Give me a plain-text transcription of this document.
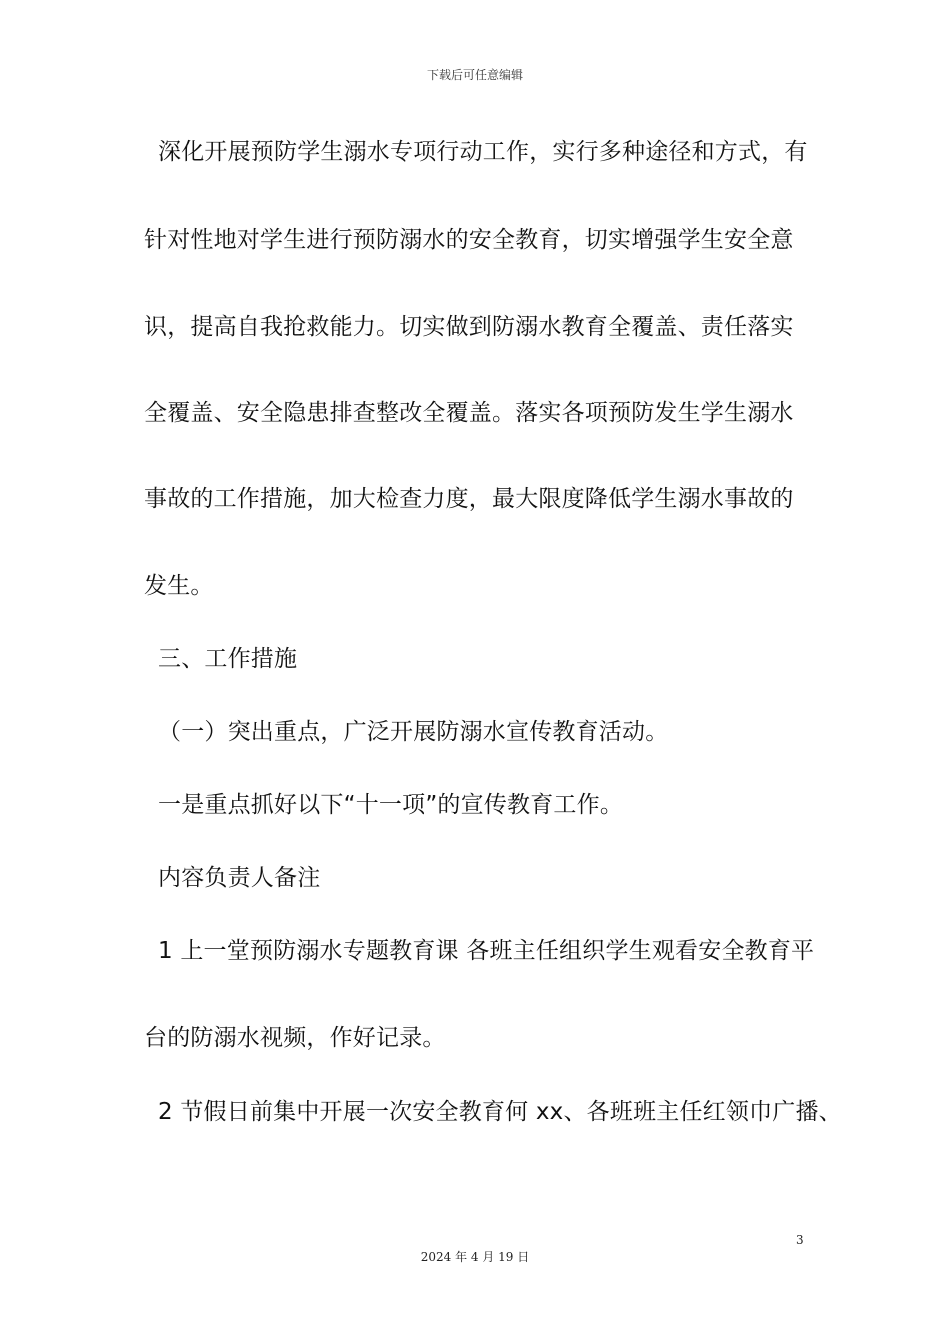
下载后可任意编辑
深化开展预防学生溺水专项行动工作，实行多种途径和方式，有
针对性地对学生进行预防溺水的安全教育，切实增强学生安全意
识，提高自我抢救能力。切实做到防溺水教育全覆盖、责任落实
全覆盖、安全隐患排查整改全覆盖。落实各项预防发生学生溺水
事故的工作措施，加大检查力度，最大限度降低学生溺水事故的
发生。
三、工作措施
（一）突出重点，广泛开展防溺水宣传教育活动。
一是重点抓好以下“十一项”的宣传教育工作。
内容负责人备注
1 上一堂预防溺水专题教育课 各班主任组织学生观看安全教育平
台的防溺水视频，作好记录。
2 节假日前集中开展一次安全教育何 xx、各班班主任红领巾广播、
3
2024 年 4 月 19 日
